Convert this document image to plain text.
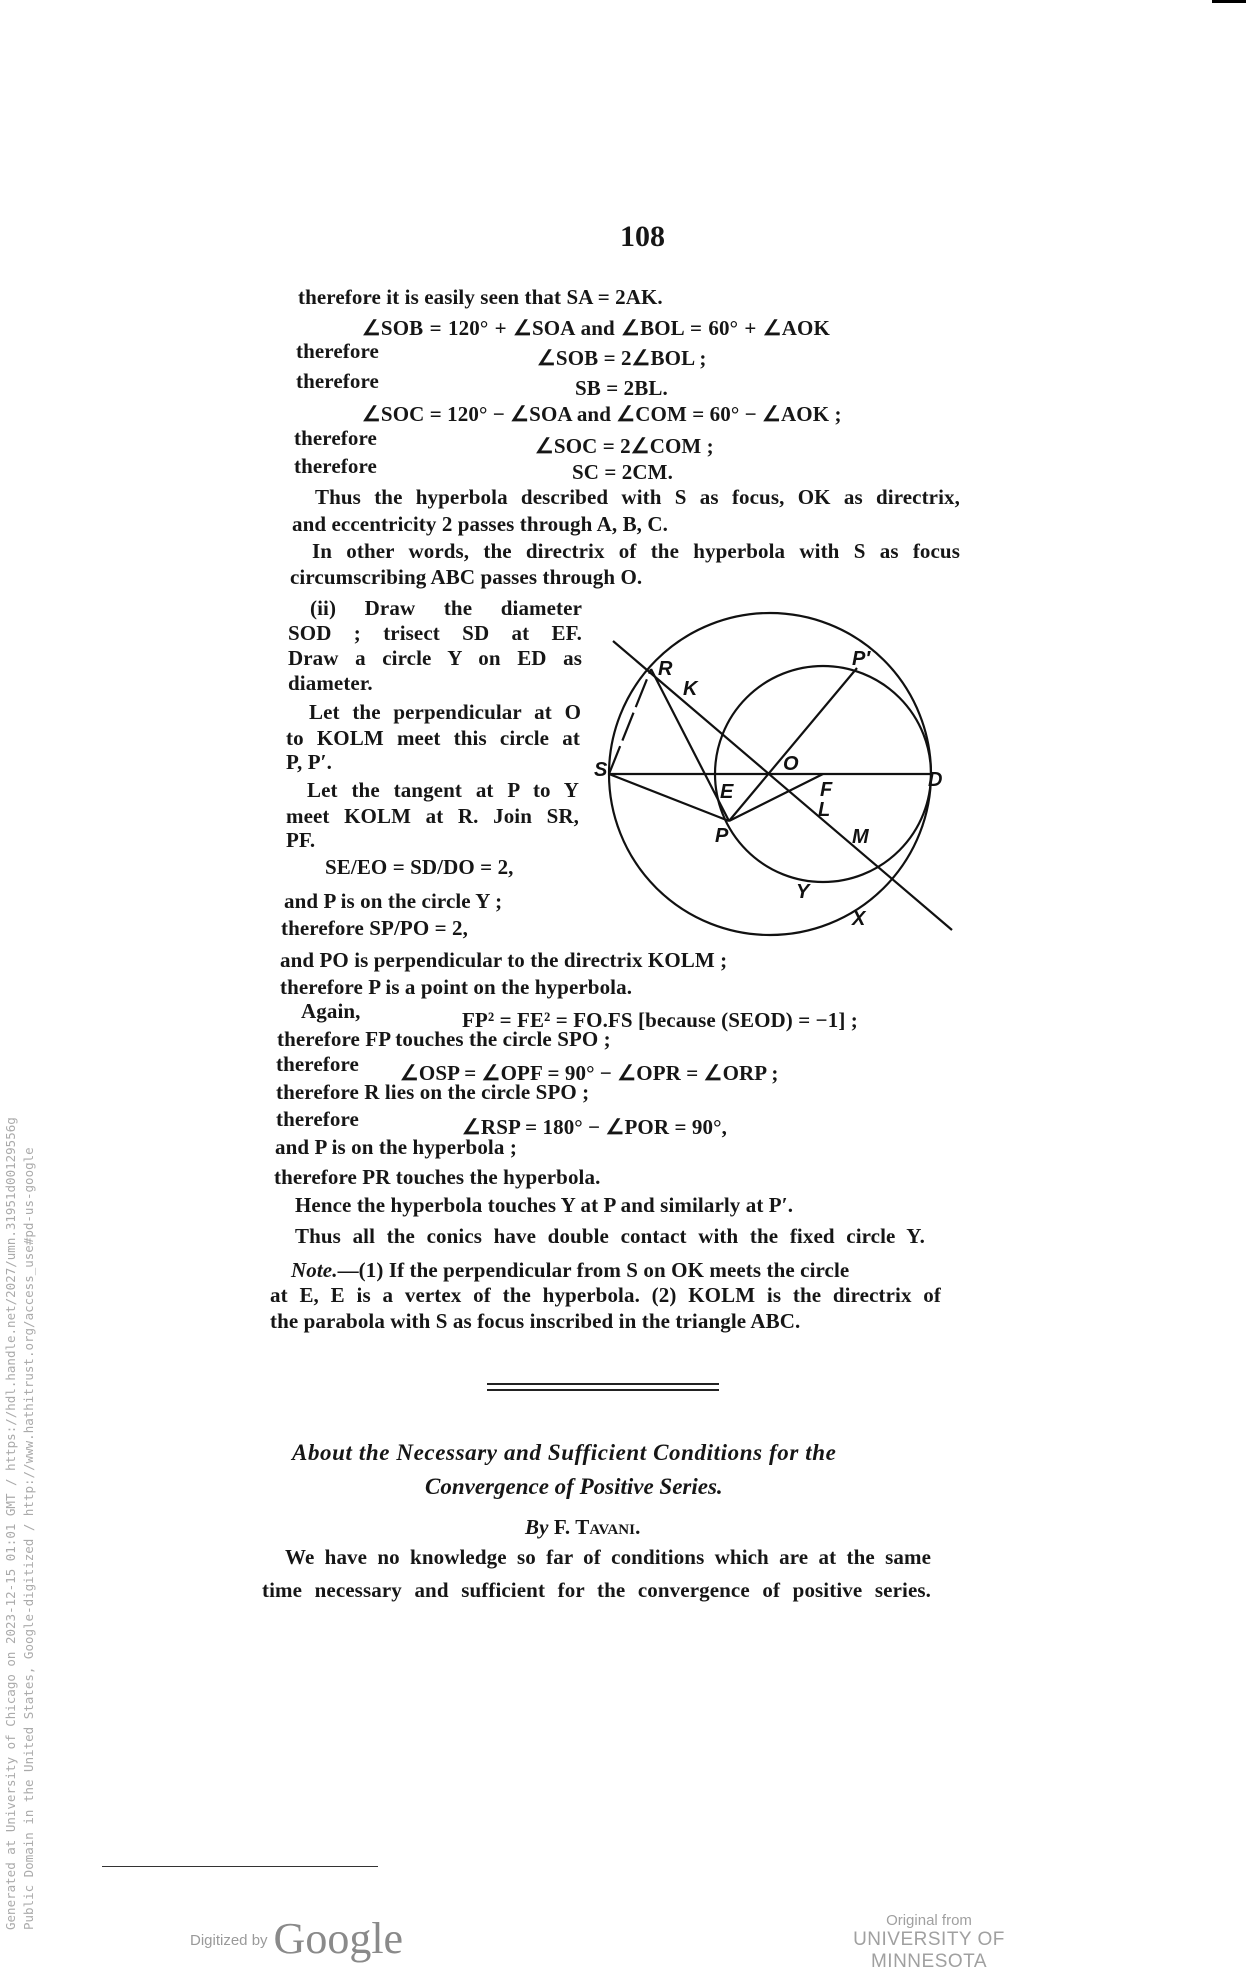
108
therefore it is easily seen that SA = 2AK.
∠SOB = 120° + ∠SOA and ∠BOL = 60° + ∠AOK
therefore	∠SOB = 2∠BOL ;
therefore	SB = 2BL.
∠SOC = 120° − ∠SOA and ∠COM = 60° − ∠AOK ;
therefore	∠SOC = 2∠COM ;
therefore	SC = 2CM.
Thus the hyperbola described with S as focus, OK as directrix,
and eccentricity 2 passes through A, B, C.
In other words, the directrix of the hyperbola with S as focus
circumscribing ABC passes through O.
(ii) Draw the diameter
SOD ; trisect SD at EF.
Draw a circle Y on ED as
diameter.
Let the perpendicular at O
to KOLM meet this circle at
P, P′.
Let the tangent at P to Y
meet KOLM at R. Join SR,
PF.
SE/EO = SD/DO = 2,
and P is on the circle Y ;
therefore SP/PO = 2,
and PO is perpendicular to the directrix KOLM ;
therefore P is a point on the hyperbola.
Again,	FP² = FE² = FO.FS [because (SEOD) = −1] ;
therefore FP touches the circle SPO ;
therefore ∠OSP = ∠OPF = 90° − ∠OPR = ∠ORP ;
therefore R lies on the circle SPO ;
therefore	∠RSP = 180° − ∠POR = 90°,
and P is on the hyperbola ;
therefore PR touches the hyperbola.
Hence the hyperbola touches Y at P and similarly at P′.
Thus all the conics have double contact with the fixed circle Y.
Note.—(1) If the perpendicular from S on OK meets the circle
at E, E is a vertex of the hyperbola. (2) KOLM is the directrix of
the parabola with S as focus inscribed in the triangle ABC.
R
K
P′
S
E
O
F	D
P
L
M
Y
X
About the Necessary and Sufficient Conditions for the
Convergence of Positive Series.
By F. Tavani.
We have no knowledge so far of conditions which are at the same
time necessary and sufficient for the convergence of positive series.
Generated at University of Chicago on 2023-12-15 01:01 GMT / https://hdl.handle.net/2027/umn.31951d00129556g Public Domain in the United States, Google-digitized / http://www.hathitrust.org/access_use#pd-us-google
Digitized by Google	Original from
UNIVERSITY OF MINNESOTA
